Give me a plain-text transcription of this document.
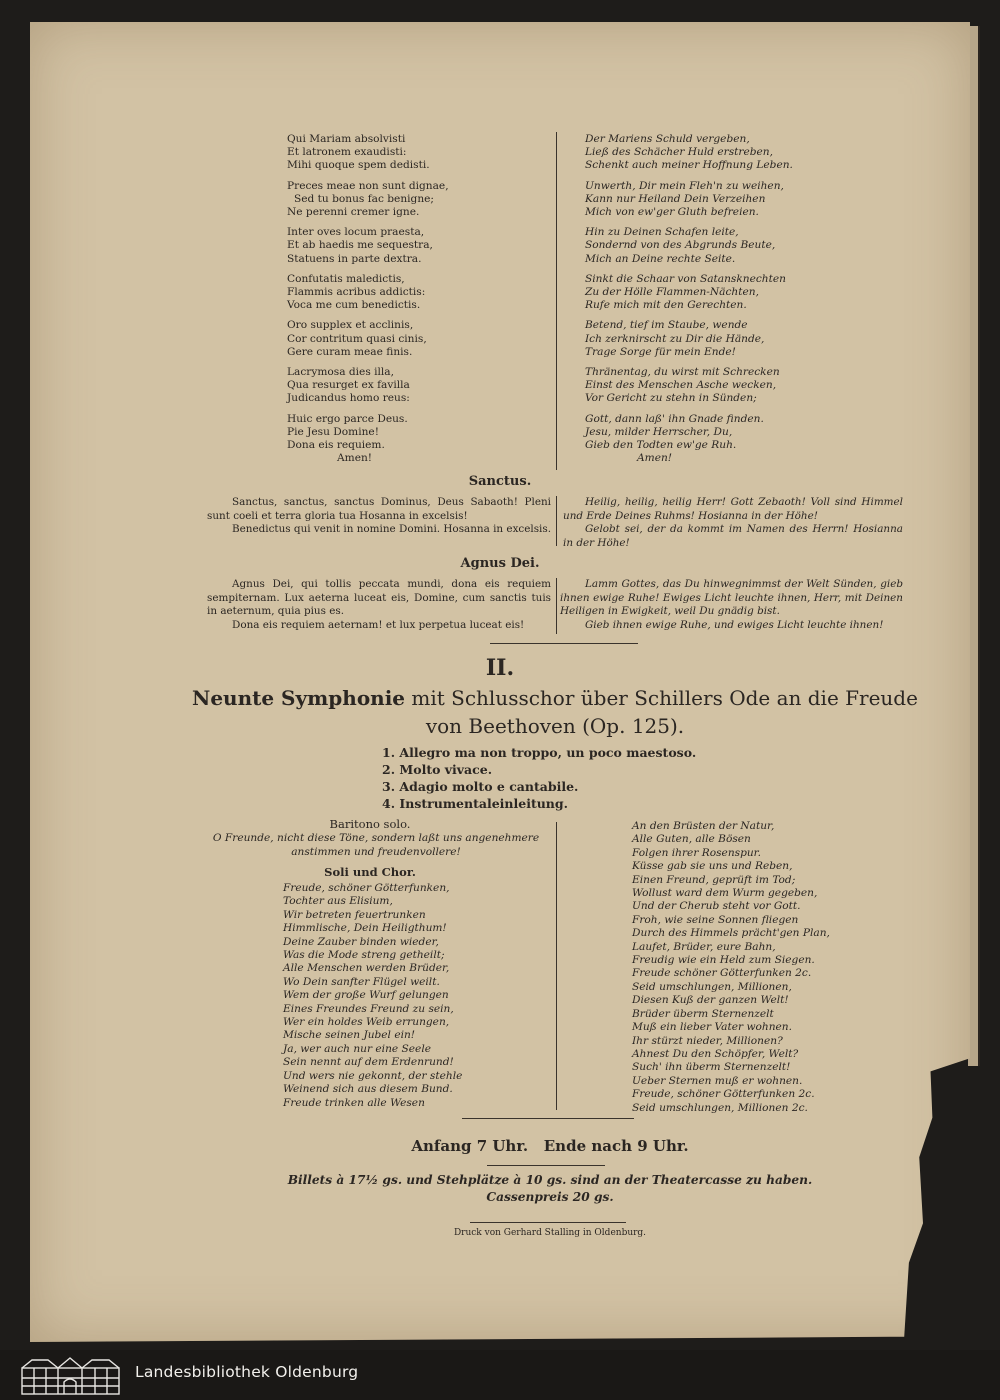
Qui Mariam absolvisti
Et latronem exaudisti:
Mihi quoque spem dedisti.
Preces meae non sunt dignae,
Sed tu bonus fac benigne;
Ne perenni cremer igne.
Inter oves locum praesta,
Et ab haedis me sequestra,
Statuens in parte dextra.
Confutatis maledictis,
Flammis acribus addictis:
Voca me cum benedictis.
Oro supplex et acclinis,
Cor contritum quasi cinis,
Gere curam meae finis.
Lacrymosa dies illa,
Qua resurget ex favilla
Judicandus homo reus:
Huic ergo parce Deus.
Pie Jesu Domine!
Dona eis requiem.
Amen!
Der Mariens Schuld vergeben,
Ließ des Schächer Huld erstreben,
Schenkt auch meiner Hoffnung Leben.
Unwerth, Dir mein Fleh'n zu weihen,
Kann nur Heiland Dein Verzeihen
Mich von ew'ger Gluth befreien.
Hin zu Deinen Schafen leite,
Sondernd von des Abgrunds Beute,
Mich an Deine rechte Seite.
Sinkt die Schaar von Satansknechten
Zu der Hölle Flammen-Nächten,
Rufe mich mit den Gerechten.
Betend, tief im Staube, wende
Ich zerknirscht zu Dir die Hände,
Trage Sorge für mein Ende!
Thränentag, du wirst mit Schrecken
Einst des Menschen Asche wecken,
Vor Gericht zu stehn in Sünden;
Gott, dann laß' ihn Gnade finden.
Jesu, milder Herrscher, Du,
Gieb den Todten ew'ge Ruh.
Amen!
Sanctus.
Sanctus, sanctus, sanctus Dominus, Deus Sabaoth! Pleni sunt coeli et terra gloria tua Hosanna in excelsis!
Benedictus qui venit in nomine Domini. Hosanna in excelsis.
Heilig, heilig, heilig Herr! Gott Zebaoth! Voll sind Himmel und Erde Deines Ruhms! Hosianna in der Höhe!
Gelobt sei, der da kommt im Namen des Herrn! Hosianna in der Höhe!
Agnus Dei.
Agnus Dei, qui tollis peccata mundi, dona eis requiem sempiternam. Lux aeterna luceat eis, Domine, cum sanctis tuis in aeternum, quia pius es.
Dona eis requiem aeternam! et lux perpetua luceat eis!
Lamm Gottes, das Du hinwegnimmst der Welt Sünden, gieb ihnen ewige Ruhe! Ewiges Licht leuchte ihnen, Herr, mit Deinen Heiligen in Ewigkeit, weil Du gnädig bist.
Gieb ihnen ewige Ruhe, und ewiges Licht leuchte ihnen!
II.
Neunte Symphonie mit Schlusschor über Schillers Ode an die Freude
von Beethoven (Op. 125).
1. Allegro ma non troppo, un poco maestoso.
2. Molto vivace.
3. Adagio molto e cantabile.
4. Instrumentaleinleitung.
Baritono solo.
O Freunde, nicht diese Töne, sondern laßt uns angenehmere
anstimmen und freudenvollere!
Soli und Chor.
Freude, schöner Götterfunken,
Tochter aus Elisium,
Wir betreten feuertrunken
Himmlische, Dein Heiligthum!
Deine Zauber binden wieder,
Was die Mode streng getheilt;
Alle Menschen werden Brüder,
Wo Dein sanfter Flügel weilt.
Wem der große Wurf gelungen
Eines Freundes Freund zu sein,
Wer ein holdes Weib errungen,
Mische seinen Jubel ein!
Ja, wer auch nur eine Seele
Sein nennt auf dem Erdenrund!
Und wers nie gekonnt, der stehle
Weinend sich aus diesem Bund.
Freude trinken alle Wesen
An den Brüsten der Natur,
Alle Guten, alle Bösen
Folgen ihrer Rosenspur.
Küsse gab sie uns und Reben,
Einen Freund, geprüft im Tod;
Wollust ward dem Wurm gegeben,
Und der Cherub steht vor Gott.
Froh, wie seine Sonnen fliegen
Durch des Himmels prächt'gen Plan,
Laufet, Brüder, eure Bahn,
Freudig wie ein Held zum Siegen.
Freude schöner Götterfunken 2c.
Seid umschlungen, Millionen,
Diesen Kuß der ganzen Welt!
Brüder überm Sternenzelt
Muß ein lieber Vater wohnen.
Ihr stürzt nieder, Millionen?
Ahnest Du den Schöpfer, Welt?
Such' ihn überm Sternenzelt!
Ueber Sternen muß er wohnen.
Freude, schöner Götterfunken 2c.
Seid umschlungen, Millionen 2c.
Anfang 7 Uhr.   Ende nach 9 Uhr.
Billets à 17½ gs. und Stehplätze à 10 gs. sind an der Theatercasse zu haben.
Cassenpreis 20 gs.
Druck von Gerhard Stalling in Oldenburg.
Landesbibliothek Oldenburg
